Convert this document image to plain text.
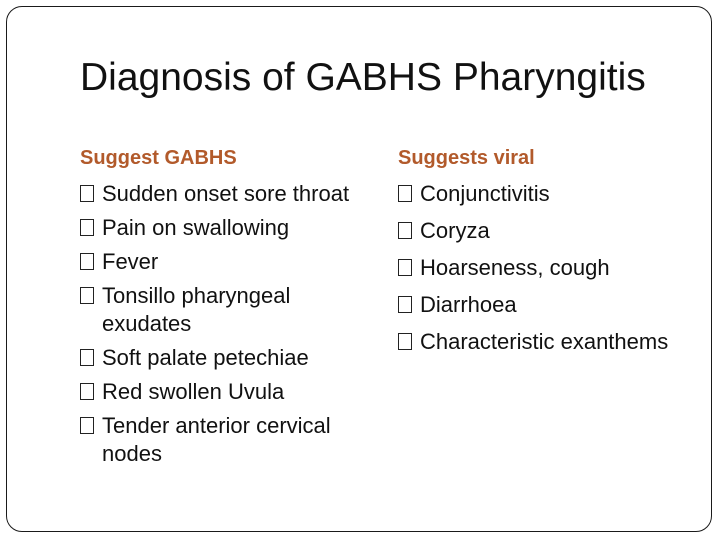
Diagnosis of GABHS Pharyngitis
Suggest GABHS
Sudden onset sore throat
Pain on swallowing
Fever
Tonsillo pharyngeal exudates
Soft palate petechiae
Red swollen Uvula
Tender anterior cervical nodes
Suggests viral
Conjunctivitis
Coryza
Hoarseness, cough
Diarrhoea
Characteristic exanthems
